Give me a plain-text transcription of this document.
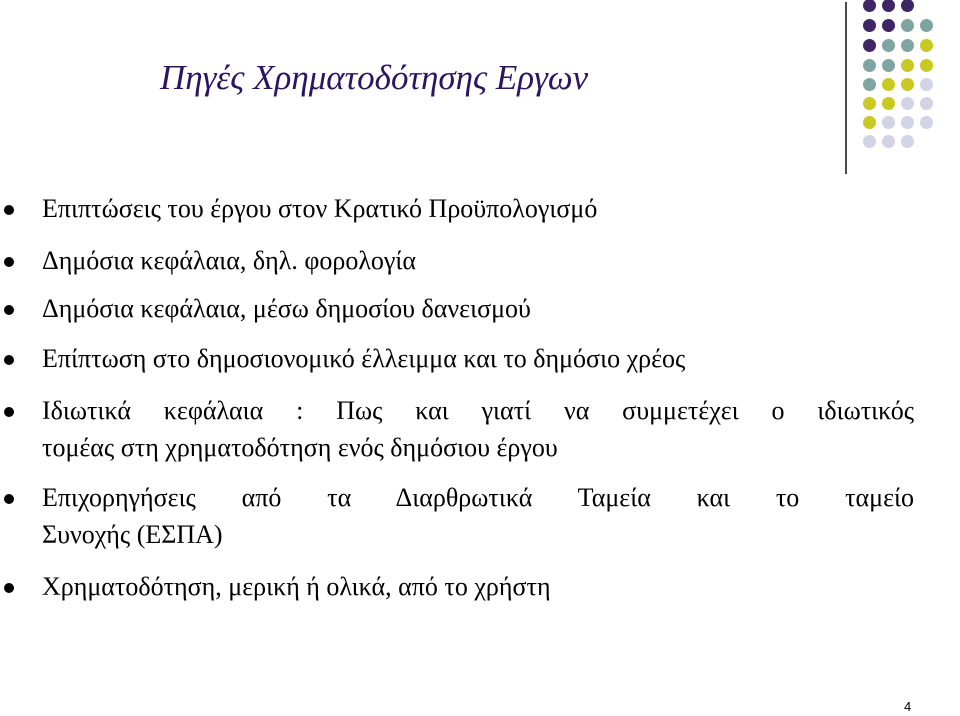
Πηγές Χρηματοδότησης Εργων
Επιπτώσεις του έργου στον Κρατικό Προϋπολογισμό
Δημόσια κεφάλαια, δηλ. φορολογία
Δημόσια κεφάλαια, μέσω δημοσίου δανεισμού
Επίπτωση στο δημοσιονομικό έλλειμμα και το δημόσιο χρέος
Ιδιωτικά κεφάλαια : Πως και γιατί να συμμετέχει ο ιδιωτικός
τομέας στη χρηματοδότηση ενός δημόσιου έργου
Επιχορηγήσεις από τα Διαρθρωτικά Ταμεία και το ταμείο
Συνοχής (ΕΣΠΑ)
Χρηματοδότηση, μερική ή ολικά, από το χρήστη
4
